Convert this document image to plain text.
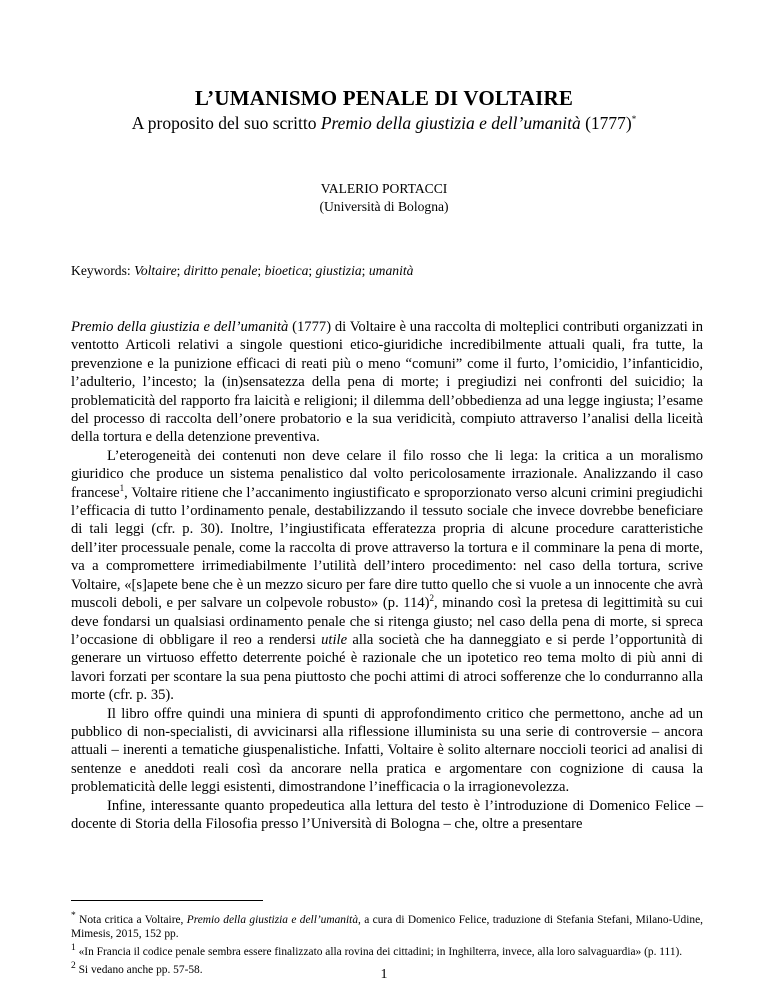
L’UMANISMO PENALE DI VOLTAIRE
A proposito del suo scritto Premio della giustizia e dell’umanità (1777)*
VALERIO PORTACCI
(Università di Bologna)
Keywords: Voltaire; diritto penale; bioetica; giustizia; umanità

Premio della giustizia e dell’umanità (1777) di Voltaire è una raccolta di molteplici contributi organizzati in ventotto Articoli relativi a singole questioni etico-giuridiche incredibilmente attuali quali, fra tutte, la prevenzione e la punizione efficaci di reati più o meno “comuni” come il furto, l’omicidio, l’infanticidio, l’adulterio, l’incesto; la (in)sensatezza della pena di morte; i pregiudizi nei confronti del suicidio; la problematicità del rapporto fra laicità e religioni; il dilemma dell’obbedienza ad una legge ingiusta; l’esame del processo di raccolta dell’onere probatorio e la sua veridicità, compiuto attraverso l’analisi della liceità della tortura e della detenzione preventiva.

L’eterogeneità dei contenuti non deve celare il filo rosso che li lega: la critica a un moralismo giuridico che produce un sistema penalistico dal volto pericolosamente irrazionale. Analizzando il caso francese$^1$, Voltaire ritiene che l’accanimento ingiustificato e sproporzionato verso alcuni crimini pregiudichi l’efficacia di tutto l’ordinamento penale, destabilizzando il tessuto sociale che invece dovrebbe beneficiare di tali leggi (cfr. p. 30). Inoltre, l’ingiustificata efferatezza propria di alcune procedure caratteristiche dell’iter processuale penale, come la raccolta di prove attraverso la tortura e il comminare la pena di morte, va a compromettere irrimediabilmente l’utilità dell’intero procedimento: nel caso della tortura, scrive Voltaire, «[s]apete bene che è un mezzo sicuro per fare dire tutto quello che si vuole a un innocente che avrà muscoli deboli, e per salvare un colpevole robusto» (p. 114)$^2$, minando così la pretesa di legittimità su cui deve fondarsi un qualsiasi ordinamento penale che si ritenga giusto; nel caso della pena di morte, si spreca l’occasione di obbligare il reo a rendersi utile alla società che ha danneggiato e si perde l’opportunità di generare un virtuoso effetto deterrente poiché è razionale che un ipotetico reo tema molto di più anni di lavori forzati per scontare la sua pena piuttosto che pochi attimi di atroci sofferenze che lo condurranno alla morte (cfr. p. 35).

Il libro offre quindi una miniera di spunti di approfondimento critico che permettono, anche ad un pubblico di non-specialisti, di avvicinarsi alla riflessione illuminista su una serie di controversie – ancora attuali – inerenti a tematiche giuspenalistiche. Infatti, Voltaire è solito alternare noccioli teorici ad analisi di sentenze e aneddoti reali così da ancorare nella pratica e argomentare con cognizione di causa la problematicità delle leggi esistenti, dimostrandone l’inefficacia o la irragionevolezza.

Infine, interessante quanto propedeutica alla lettura del testo è l’introduzione di Domenico Felice – docente di Storia della Filosofia presso l’Università di Bologna – che, oltre a presentare

* Nota critica a Voltaire, Premio della giustizia e dell’umanità, a cura di Domenico Felice, traduzione di Stefania Stefani, Milano-Udine, Mimesis, 2015, 152 pp.

$^1$ «In Francia il codice penale sembra essere finalizzato alla rovina dei cittadini; in Inghilterra, invece, alla loro salvaguardia» (p. 111).

$^2$ Si vedano anche pp. 57-58.	1
